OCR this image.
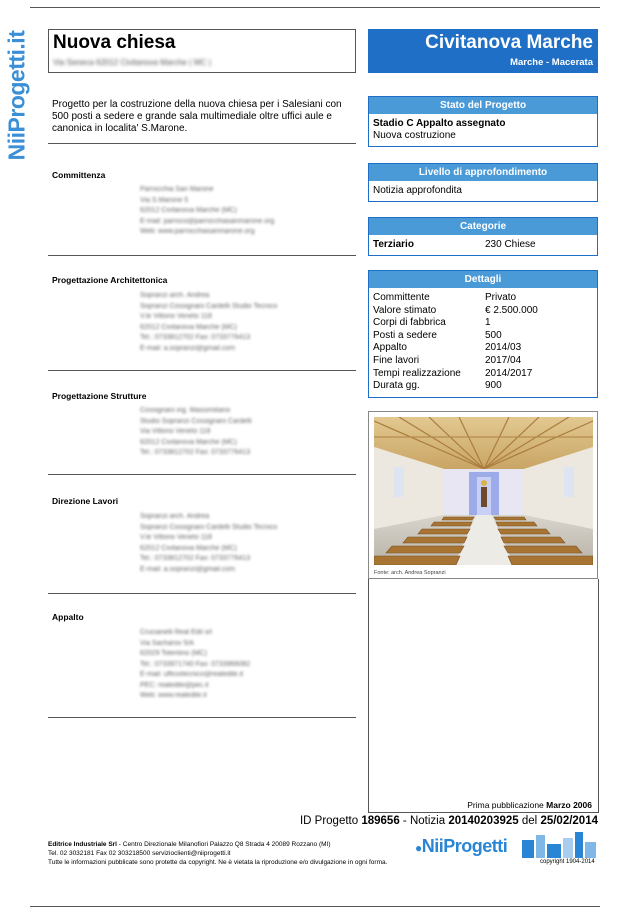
NiiProgetti.it Nuova chiesa
Via Seneca 62012 Civitanova Marche ( MC )
Civitanova Marche
Marche - Macerata
Progetto per la costruzione della nuova chiesa per i Salesiani con 500 posti a sedere e grande sala multimediale oltre uffici aule e canonica in localita' S.Marone.
Committenza
Parrocchia San Marone
Via S.Marone 5
62012 Civitanova Marche (MC)
E-mail: parroco@parrocchiasanmarone.org
Web: www.parrocchiasanmarone.org
Progettazione Architettonica
Sopranzi arch. Andrea
Sopranzi Cossignani Cardelli Studio Tecnico
V.le Vittorio Veneto 118
62012 Civitanova Marche (MC)
Tel.: 0733812702 Fax: 0733776413
E-mail: a.sopranzi@gmail.com
Progettazione Strutture
Cossignani ing. Massimiliano
Studio Sopranzi Cossignani Cardelli
Via Vittorio Veneto 118
62012 Civitanova Marche (MC)
Tel.: 0733812702 Fax: 0733776413
Direzione Lavori
Sopranzi arch. Andrea
Sopranzi Cossignani Cardelli Studio Tecnico
V.le Vittorio Veneto 118
62012 Civitanova Marche (MC)
Tel.: 0733812702 Fax: 0733776413
E-mail: a.sopranzi@gmail.com
Appalto
Crucianelli Real Edil srl
Via Sacharov 5/A
62029 Tolentino (MC)
Tel.: 0733971740 Fax: 0733966082
E-mail: ufficiotecnico@realedile.it
PEC: realedile@pec.it
Web: www.realedile.it
Stato del Progetto
Stadio C Appalto assegnato
Nuova costruzione
Livello di approfondimento
Notizia approfondita
Categorie
Terziario	230 Chiese
Dettagli
Committente	Privato
Valore stimato	€ 2.500.000
Corpi di fabbrica	1
Posti a sedere	500
Appalto	2014/03
Fine lavori	2017/04
Tempi realizzazione	2014/2017
Durata gg.	900
Fonte: arch. Andrea Sopranzi
Prima pubblicazione Marzo 2006
ID Progetto 189656 - Notizia 20140203925 del 25/02/2014
Editrice Industriale Srl - Centro Direzionale Milanofiori Palazzo Q8 Strada 4 20089 Rozzano (MI)
Tel. 02 3032181 Fax 02 303218500 servizioclienti@niiprogetti.it
Tutte le informazioni pubblicate sono protette da copyright. Ne è vietata la riproduzione e/o divulgazione in ogni forma.
●NiiProgetti
copyright 1904-2014
